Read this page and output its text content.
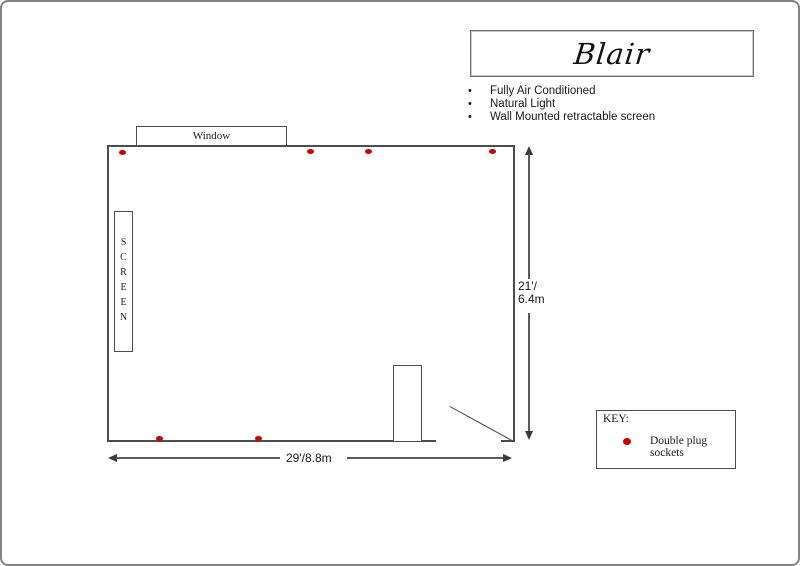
Blair
•	Fully Air Conditioned
•	Natural Light
•	Wall Mounted retractable screen
Window
SCREEN	21'/
6.4m
29'/8.8m
KEY:
Double plug sockets
